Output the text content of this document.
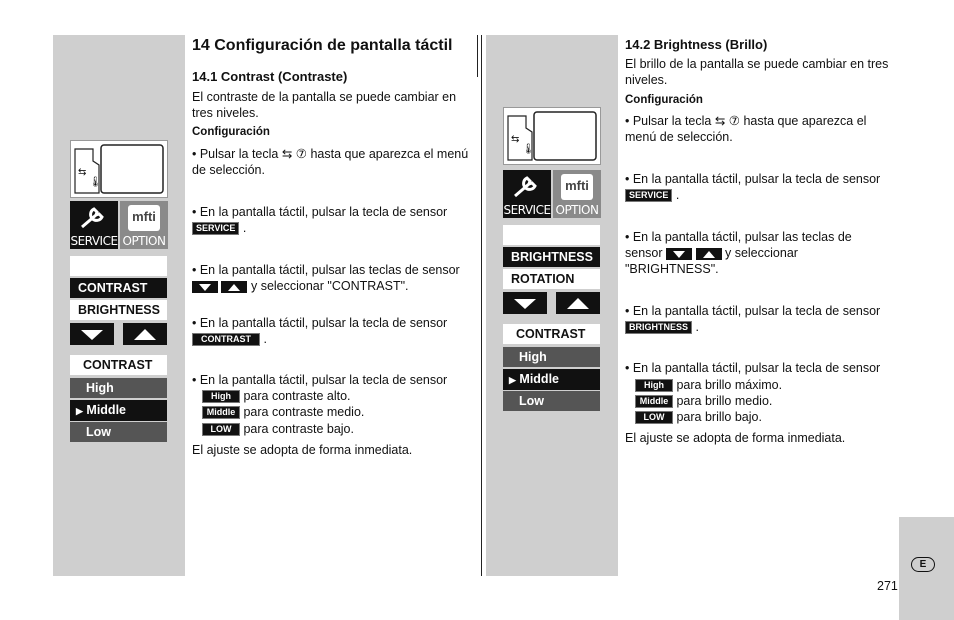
⇆
🌡
SERVICE
mfti
OPTION
CONTRAST
BRIGHTNESS
CONTRAST
High
▶ Middle
Low

14 Configuración de pantalla táctil

14.1 Contrast (Contraste)

El contraste de la pantalla se puede cambiar en tres niveles.

Configuración

• Pulsar la tecla ⇆ ⑦ hasta que aparezca el menú de selección.

• En la pantalla táctil, pulsar la tecla de sensor SERVICE .

• En la pantalla táctil, pulsar las teclas de sensor

y seleccionar "CONTRAST".

• En la pantalla táctil, pulsar la tecla de sensor CONTRAST .

• En la pantalla táctil, pulsar la tecla de sensor

High para contraste alto.

Middle para contraste medio.

LOW para contraste bajo.

El ajuste se adopta de forma inmediata.

⇆
🌡
SERVICE
mfti
OPTION
BRIGHTNESS
ROTATION
CONTRAST
High
▶ Middle
Low

14.2 Brightness (Brillo)

El brillo de la pantalla se puede cambiar en tres niveles.

Configuración

• Pulsar la tecla ⇆ ⑦ hasta que aparezca el menú de selección.

• En la pantalla táctil, pulsar la tecla de sensor SERVICE .

• En la pantalla táctil, pulsar las teclas de sensor
	y seleccionar "BRIGHTNESS".

• En la pantalla táctil, pulsar la tecla de sensor BRIGHTNESS .

• En la pantalla táctil, pulsar la tecla de sensor

High para brillo máximo.

Middle para brillo medio.

LOW para brillo bajo.

El ajuste se adopta de forma inmediata.

E
271
